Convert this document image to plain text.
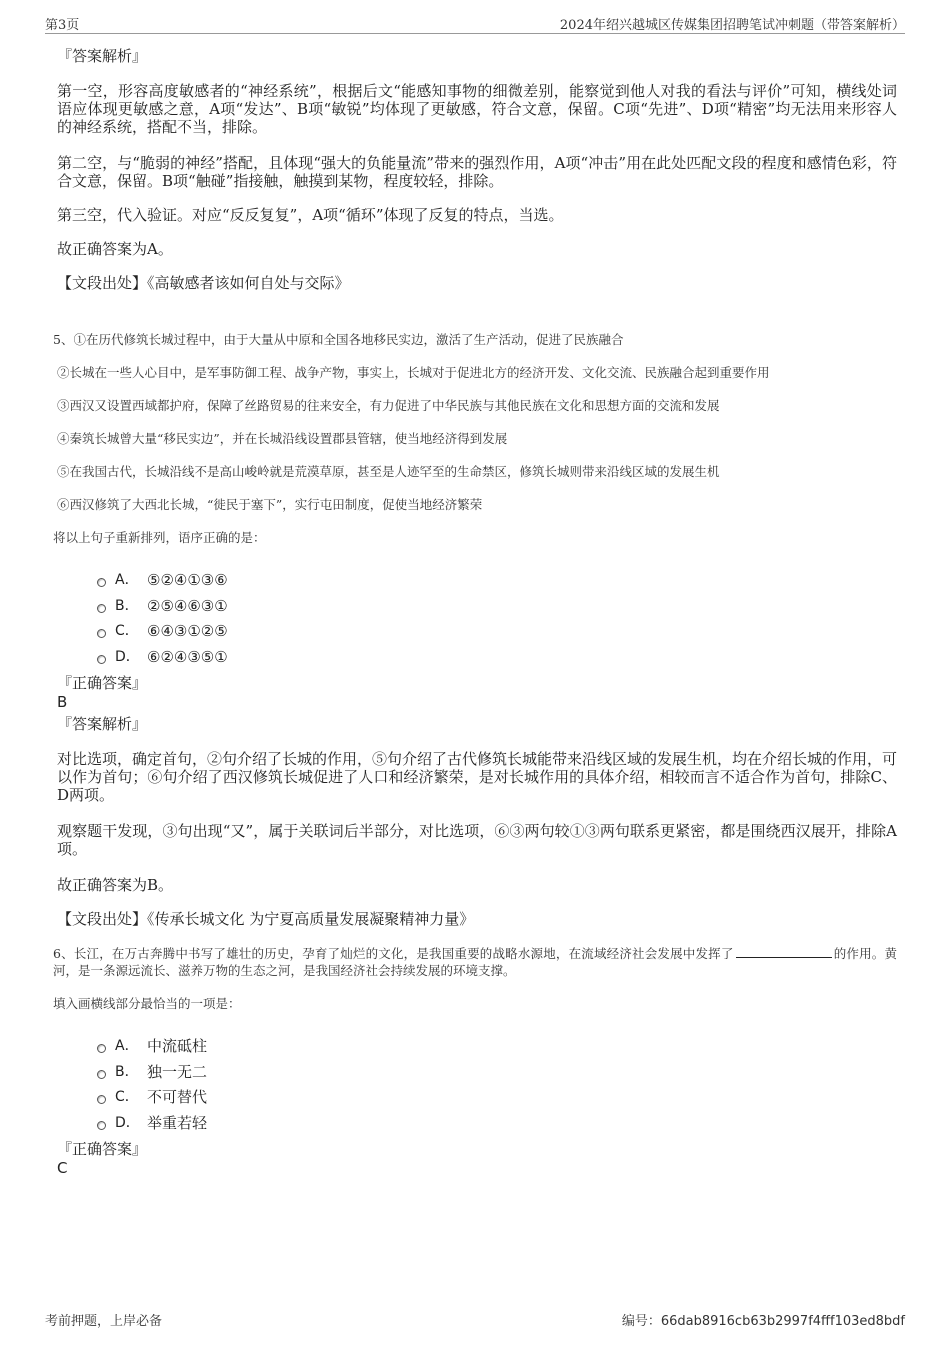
第3页	2024年绍兴越城区传媒集团招聘笔试冲刺题（带答案解析）
『答案解析』

第一空，形容高度敏感者的“神经系统”，根据后文“能感知事物的细微差别，能察觉到他人对我的看法与评价”可知，横线处词语应体现更敏感之意，A项“发达”、B项“敏锐”均体现了更敏感，符合文意，保留。C项“先进”、D项“精密”均无法用来形容人的神经系统，搭配不当，排除。

第二空，与“脆弱的神经”搭配，且体现“强大的负能量流”带来的强烈作用，A项“冲击”用在此处匹配文段的程度和感情色彩，符合文意，保留。B项“触碰”指接触，触摸到某物，程度较轻，排除。

第三空，代入验证。对应“反反复复”，A项“循环”体现了反复的特点，当选。

故正确答案为A。

【文段出处】《高敏感者该如何自处与交际》
5、①在历代修筑长城过程中，由于大量从中原和全国各地移民实边，激活了生产活动，促进了民族融合
②长城在一些人心目中，是军事防御工程、战争产物，事实上，长城对于促进北方的经济开发、文化交流、民族融合起到重要作用
③西汉又设置西域都护府，保障了丝路贸易的往来安全，有力促进了中华民族与其他民族在文化和思想方面的交流和发展
④秦筑长城曾大量“移民实边”，并在长城沿线设置郡县管辖，使当地经济得到发展
⑤在我国古代，长城沿线不是高山峻岭就是荒漠草原，甚至是人迹罕至的生命禁区，修筑长城则带来沿线区域的发展生机
⑥西汉修筑了大西北长城，“徙民于塞下”，实行屯田制度，促使当地经济繁荣
将以上句子重新排列，语序正确的是：
A． ⑤②④①③⑥
B． ②⑤④⑥③①
C． ⑥④③①②⑤
D． ⑥②④③⑤①
『正确答案』
B
『答案解析』

对比选项，确定首句，②句介绍了长城的作用，⑤句介绍了古代修筑长城能带来沿线区域的发展生机，均在介绍长城的作用，可以作为首句；⑥句介绍了西汉修筑长城促进了人口和经济繁荣，是对长城作用的具体介绍，相较而言不适合作为首句，排除C、D两项。

观察题干发现，③句出现“又”，属于关联词后半部分，对比选项，⑥③两句较①③两句联系更紧密，都是围绕西汉展开，排除A项。

故正确答案为B。

【文段出处】《传承长城文化 为宁夏高质量发展凝聚精神力量》
6、长江，在万古奔腾中书写了雄壮的历史，孕育了灿烂的文化，是我国重要的战略水源地，在流域经济社会发展中发挥了	的作用。黄河，是一条源远流长、滋养万物的生态之河，是我国经济社会持续发展的环境支撑。
填入画横线部分最恰当的一项是：
A． 中流砥柱
B． 独一无二
C． 不可替代
D． 举重若轻
『正确答案』
C
考前押题，上岸必备	编号：66dab8916cb63b2997f4fff103ed8bdf
